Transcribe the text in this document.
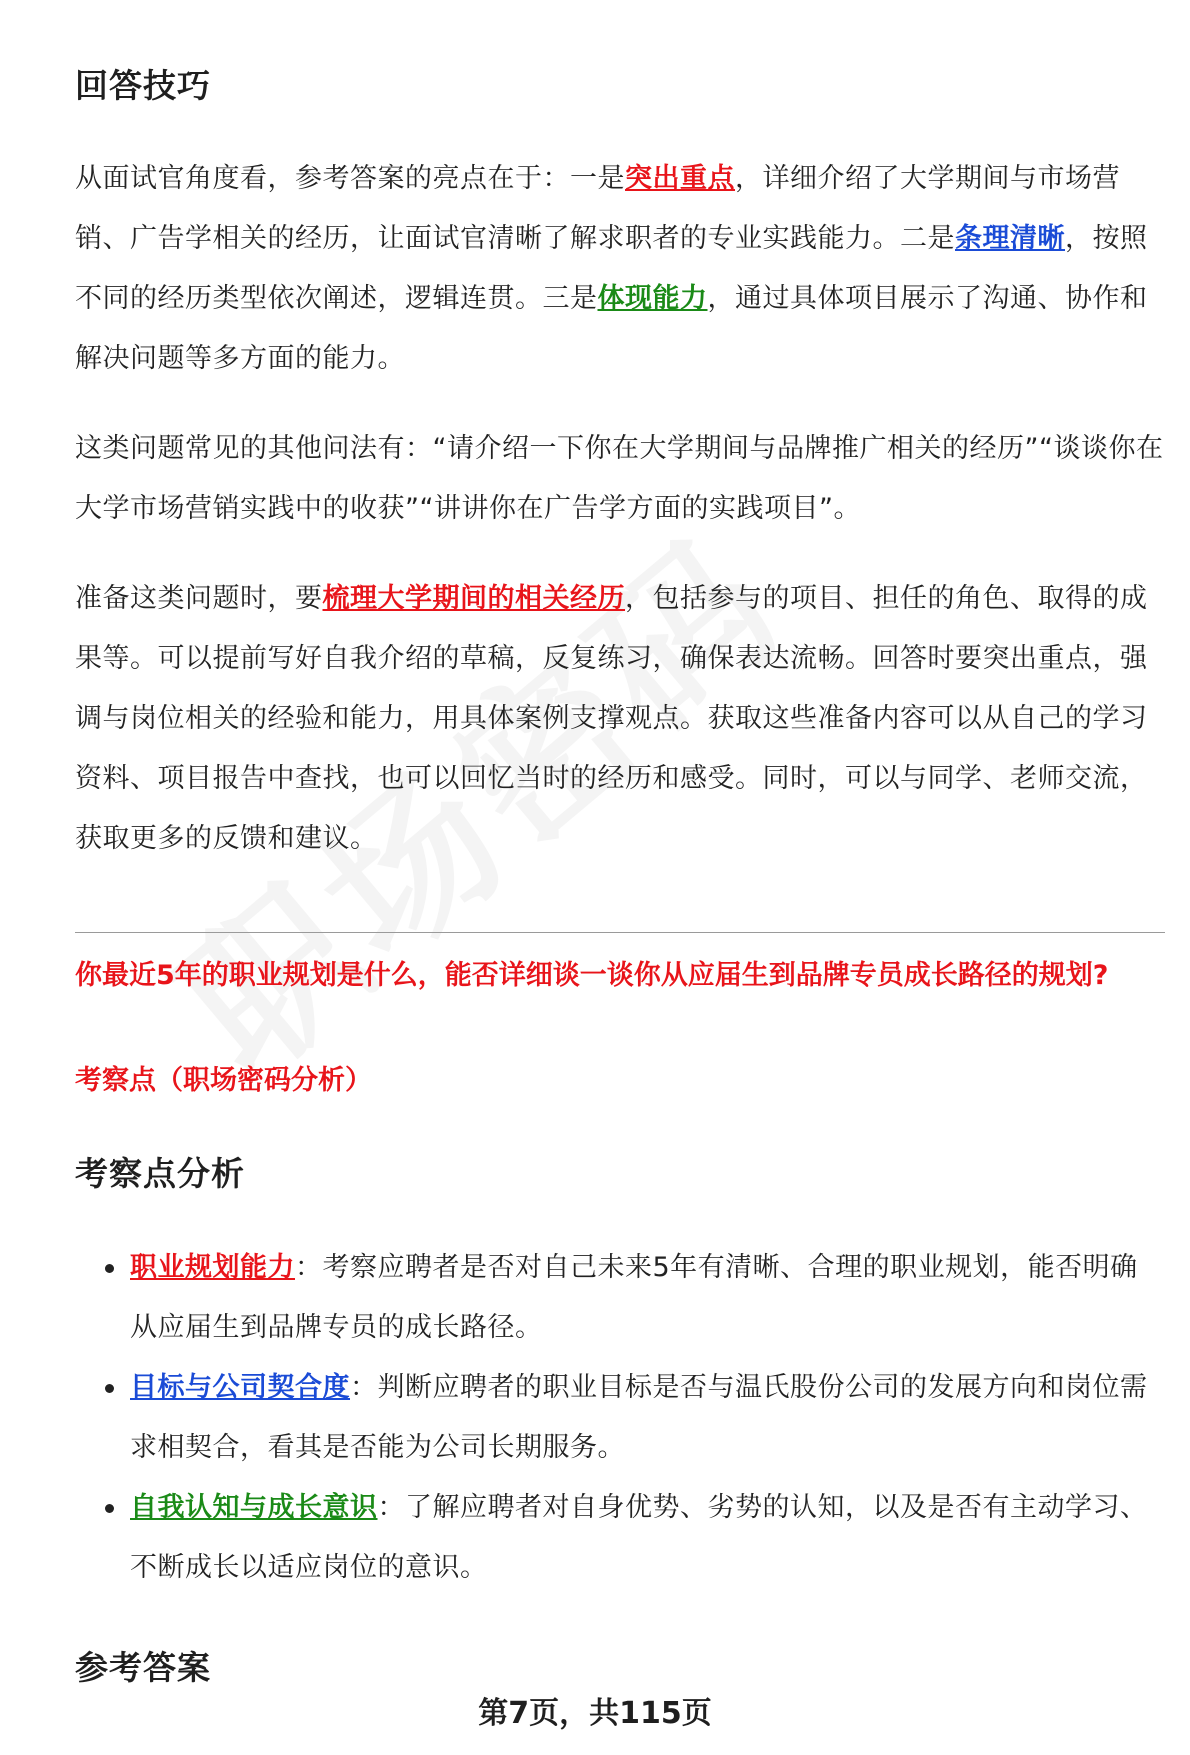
回答技巧

从面试官角度看，参考答案的亮点在于：一是突出重点，详细介绍了大学期间与市场营销、广告学相关的经历，让面试官清晰了解求职者的专业实践能力。二是条理清晰，按照不同的经历类型依次阐述，逻辑连贯。三是体现能力，通过具体项目展示了沟通、协作和解决问题等多方面的能力。

这类问题常见的其他问法有：“请介绍一下你在大学期间与品牌推广相关的经历”“谈谈你在大学市场营销实践中的收获”“讲讲你在广告学方面的实践项目”。

准备这类问题时，要梳理大学期间的相关经历，包括参与的项目、担任的角色、取得的成果等。可以提前写好自我介绍的草稿，反复练习，确保表达流畅。回答时要突出重点，强调与岗位相关的经验和能力，用具体案例支撑观点。获取这些准备内容可以从自己的学习资料、项目报告中查找，也可以回忆当时的经历和感受。同时，可以与同学、老师交流，获取更多的反馈和建议。

你最近5年的职业规划是什么，能否详细谈一谈你从应届生到品牌专员成长路径的规划?
考察点（职场密码分析）
考察点分析
职业规划能力：考察应聘者是否对自己未来5年有清晰、合理的职业规划，能否明确从应届生到品牌专员的成长路径。
目标与公司契合度：判断应聘者的职业目标是否与温氏股份公司的发展方向和岗位需求相契合，看其是否能为公司长期服务。
自我认知与成长意识：了解应聘者对自身优势、劣势的认知，以及是否有主动学习、不断成长以适应岗位的意识。
参考答案
第7页，共115页
